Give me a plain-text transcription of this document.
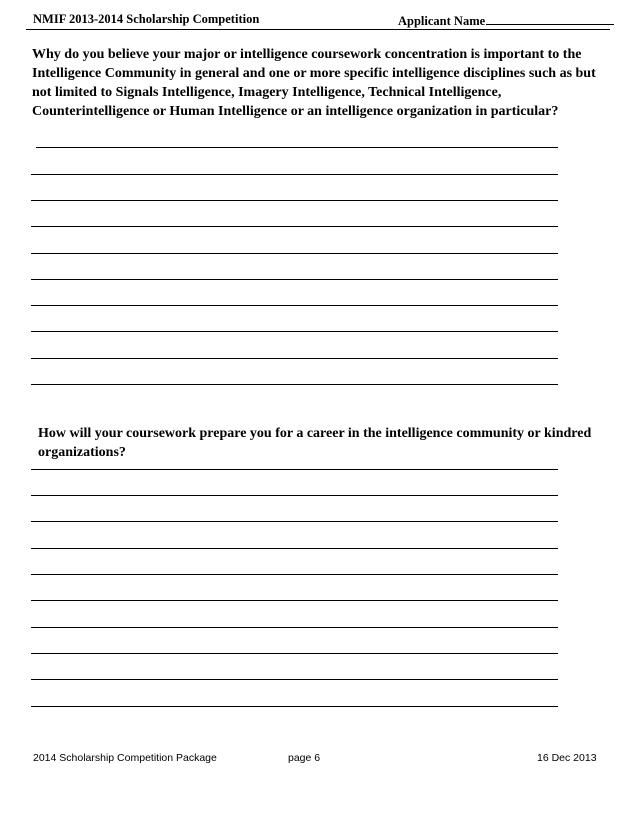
NMIF 2013-2014 Scholarship Competition	Applicant Name
Why do you believe your major or intelligence coursework concentration is important to the Intelligence Community in general and one or more specific intelligence disciplines such as but not limited to Signals Intelligence, Imagery Intelligence, Technical Intelligence, Counterintelligence or Human Intelligence or an intelligence organization in particular?
How will your coursework prepare you for a career in the intelligence community or kindred organizations?
2014 Scholarship Competition Package	page 6	16 Dec 2013
